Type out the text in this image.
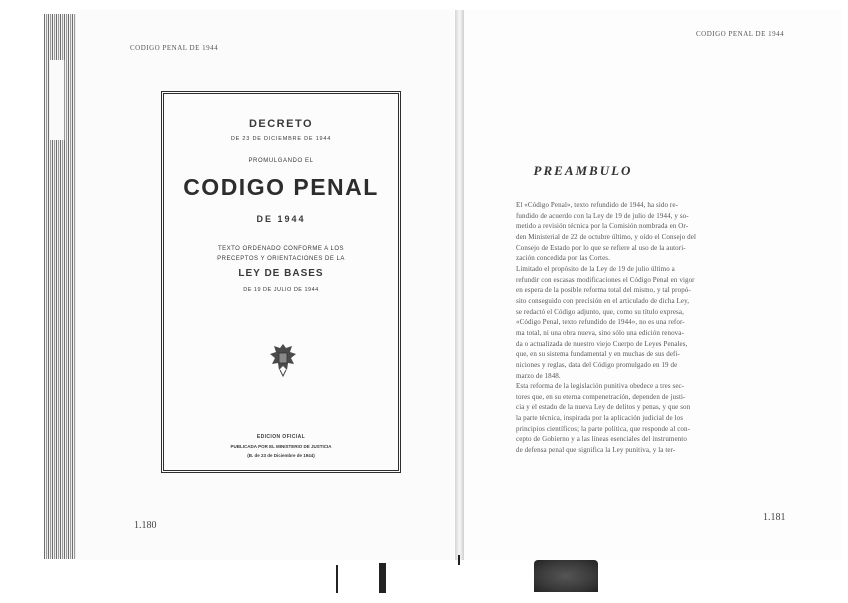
CODIGO PENAL DE 1944
1.180
DECRETO
DE 23 DE DICIEMBRE DE 1944
PROMULGANDO EL
CODIGO PENAL
DE 1944
TEXTO ORDENADO CONFORME A LOS
PRECEPTOS Y ORIENTACIONES DE LA
LEY DE BASES
DE 19 DE JULIO DE 1944
EDICION OFICIAL
PUBLICADA POR EL MINISTERIO DE JUSTICIA
(B. de 23 de Diciembre de 1944)
CODIGO PENAL DE 1944
PREAMBULO
El «Código Penal», texto refundido de 1944, ha sido re-
fundido de acuerdo con la Ley de 19 de julio de 1944, y so-
metido a revisión técnica por la Comisión nombrada en Or-
den Ministerial de 22 de octubre último, y oído el Consejo del
Consejo de Estado por lo que se refiere al uso de la autori-
zación concedida por las Cortes.
Limitado el propósito de la Ley de 19 de julio último a
refundir con escasas modificaciones el Código Penal en vigor
en espera de la posible reforma total del mismo, y tal propó-
sito conseguido con precisión en el articulado de dicha Ley,
se redactó el Código adjunto, que, como su título expresa,
«Código Penal, texto refundido de 1944», no es una refor-
ma total, ni una obra nueva, sino sólo una edición renova-
da o actualizada de nuestro viejo Cuerpo de Leyes Penales,
que, en su sistema fundamental y en muchas de sus defi-
niciones y reglas, data del Código promulgado en 19 de
marzo de 1848.
Esta reforma de la legislación punitiva obedece a tres sec-
tores que, en su eterna compenetración, dependen de justi-
cia y el estado de la nueva Ley de delitos y penas, y que son
la parte técnica, inspirada por la aplicación judicial de los
principios científicos; la parte política, que responde al con-
cepto de Gobierno y a las líneas esenciales del instrumento
de defensa penal que significa la Ley punitiva, y la ter-
1.181
